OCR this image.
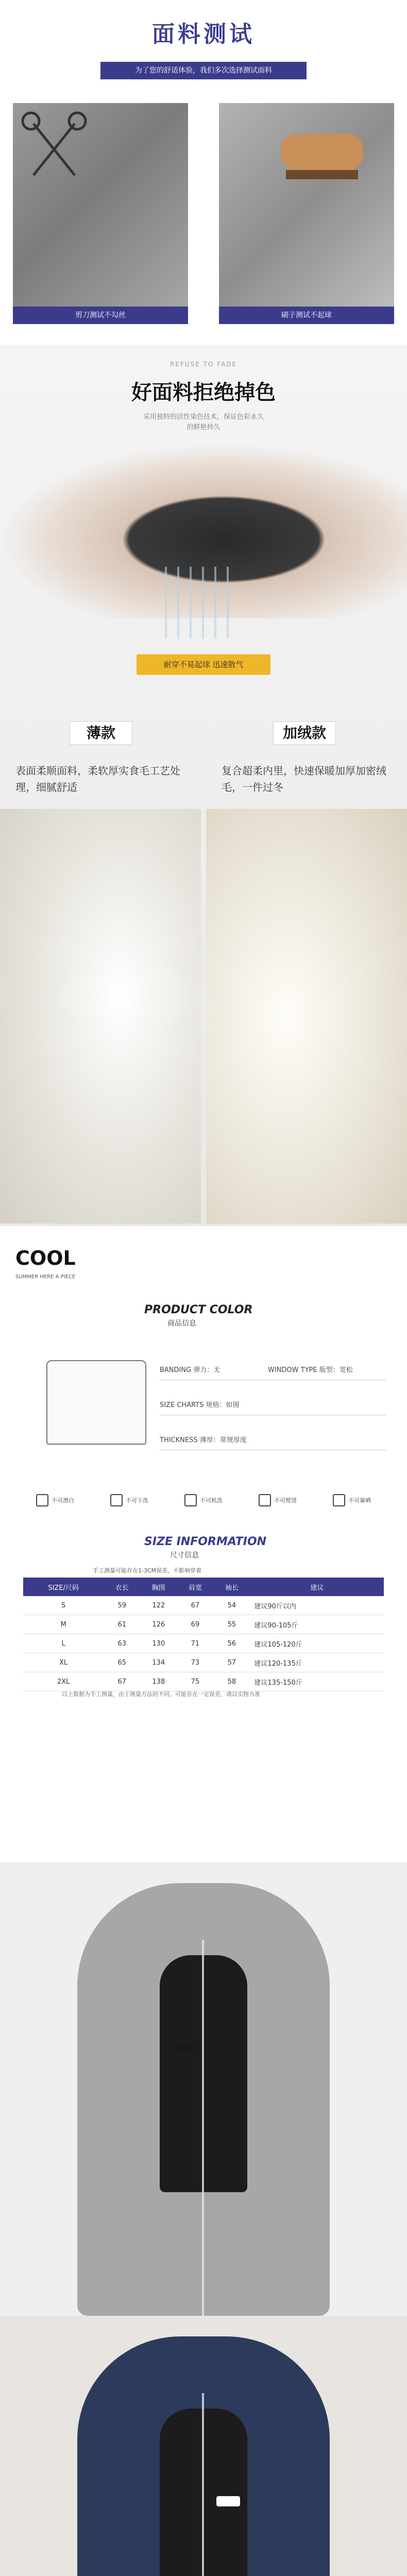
面料测试
为了您的舒适体验，我们多次选择测试面料
剪刀测试不勾丝	刷子测试不起球
REFUSE TO FADE
好面料拒绝掉色
采用独特的活性染色技术，保证色彩永久的鲜艳持久
耐穿不易起球 迅速散气
薄款	加绒款
表面柔顺面料，柔软厚实食毛工艺处理，细腻舒适
复合超柔内里，快速保暖加厚加密绒毛，一件过冬
COOL
SUMMER HERE A PIECE
PRODUCT COLOR
商品信息
BANDING 弹力：无	WINDOW TYPE 版型：宽松
SIZE CHARTS 规格：如图
THICKNESS 薄厚：常规厚度
不可漂白	不可干洗	不可机洗	不可熨烫	不可暴晒
SIZE INFORMATION
尺寸信息
手工测量可能存在1-3CM误差，不影响穿着
SIZE/尺码	衣长	胸围	肩宽	袖长	建议
S	59	122	67	54	建议90斤以内
M	61	126	69	55	建议90-105斤
L	63	130	71	56	建议105-120斤
XL	65	134	73	57	建议120-135斤
2XL	67	138	75	58	建议135-150斤
以上数据为手工测量，由于测量方法的不同，可能存在一定误差，请以实物为准
